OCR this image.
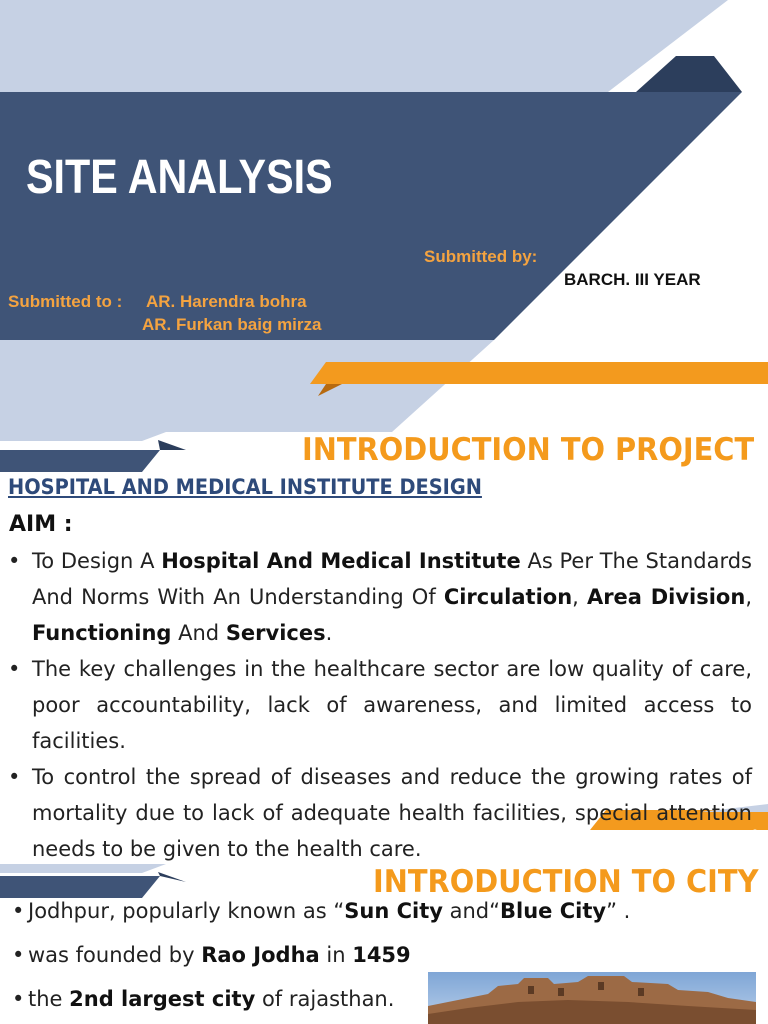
SITE ANALYSIS
Submitted by:
BARCH. III YEAR
Submitted to : AR. Harendra bohra
AR. Furkan baig mirza
INTRODUCTION TO PROJECT
HOSPITAL AND MEDICAL INSTITUTE DESIGN
AIM :
• To Design A Hospital And Medical Institute As Per The Standards And Norms With An Understanding Of Circulation, Area Division, Functioning And Services.
• The key challenges in the healthcare sector are low quality of care, poor accountability, lack of awareness, and limited access to facilities.
• To control the spread of diseases and reduce the growing rates of mortality due to lack of adequate health facilities, special attention needs to be given to the health care.
2
INTRODUCTION TO CITY
• Jodhpur, popularly known as “Sun City and“Blue City” .
• was founded by Rao Jodha in 1459
• the 2nd largest city of rajasthan.
